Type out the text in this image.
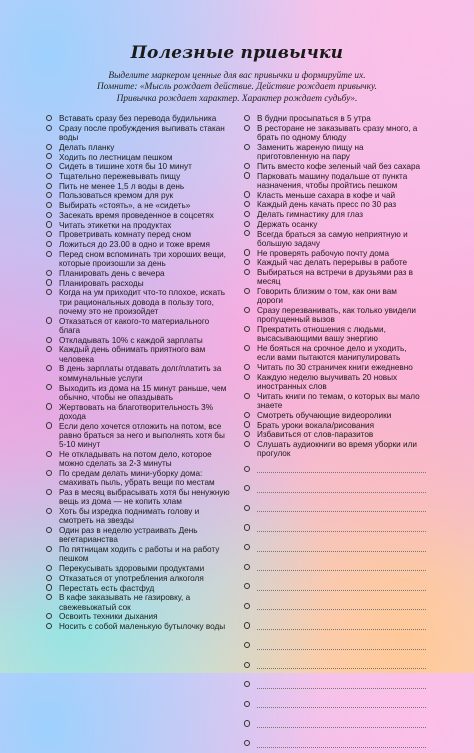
Полезные привычки
Выделите маркером ценные для вас привычки и формируйте их.
Помните: «Мысль рождает действие. Действие рождает привычку.
Привычка рождает характер. Характер рождает судьбу».
Вставать сразу без перевода будильника
Сразу после пробуждения выпивать стакан
воды
Делать планку
Ходить по лестницам пешком
Сидеть в тишине хотя бы 10 минут
Тщательно пережевывать пищу
Пить не менее 1,5 л воды в день
Пользоваться кремом для рук
Выбирать «стоять», а не «сидеть»
Засекать время проведенное в соцсетях
Читать этикетки на продуктах
Проветривать комнату перед сном
Ложиться до 23.00 в одно и тоже время
Перед сном вспоминать три хороших вещи,
которые произошли за день
Планировать день с вечера
Планировать расходы
Когда на ум приходит что-то плохое, искать
три рациональных довода в пользу того,
почему это не произойдет
Отказаться от какого-то материального
блага
Откладывать 10% с каждой зарплаты
Каждый день обнимать приятного вам
человека
В день зарплаты отдавать долг/платить за
коммунальные услуги
Выходить из дома на 15 минут раньше, чем
обычно, чтобы не опаздывать
Жертвовать на благотворительность 3%
дохода
Если дело хочется отложить на потом, все
равно браться за него и выполнять хотя бы
5-10 минут
Не откладывать на потом дело, которое
можно сделать за 2-3 минуты
По средам делать мини-уборку дома:
смахивать пыль, убрать вещи по местам
Раз в месяц выбрасывать хотя бы ненужную
вещь из дома — не копить хлам
Хоть бы изредка поднимать голову и
смотреть на звезды
Один раз в неделю устраивать День
вегетарианства
По пятницам ходить с работы и на работу
пешком
Перекусывать здоровыми продуктами
Отказаться от употребления алкоголя
Перестать есть фастфуд
В кафе заказывать не газировку, а
свежевыжатый сок
Освоить техники дыхания
Носить с собой маленькую бутылочку воды
В будни просыпаться в 5 утра
В ресторане не заказывать сразу много, а
брать по одному блюду
Заменить жареную пищу на
приготовленную на пару
Пить вместо кофе зеленый чай без сахара
Парковать машину подальше от пункта
назначения, чтобы пройтись пешком
Класть меньше сахара в кофе и чай
Каждый день качать пресс по 30 раз
Делать гимнастику для глаз
Держать осанку
Всегда браться за самую неприятную и
большую задачу
Не проверять рабочую почту дома
Каждый час делать перерывы в работе
Выбираться на встречи в друзьями раз в
месяц
Говорить близким о том, как они вам
дороги
Сразу перезванивать, как только увидели
пропущенный вызов
Прекратить отношения с людьми,
высасывающими вашу энергию
Не бояться на срочное дело и уходить,
если вами пытаются манипулировать
Читать по 30 страничек книги ежедневно
Каждую неделю выучивать 20 новых
иностранных слов
Читать книги по темам, о которых вы мало
знаете
Смотреть обучающие видеоролики
Брать уроки вокала/рисования
Избавиться от слов-паразитов
Слушать аудиокниги во время уборки или
прогулок
